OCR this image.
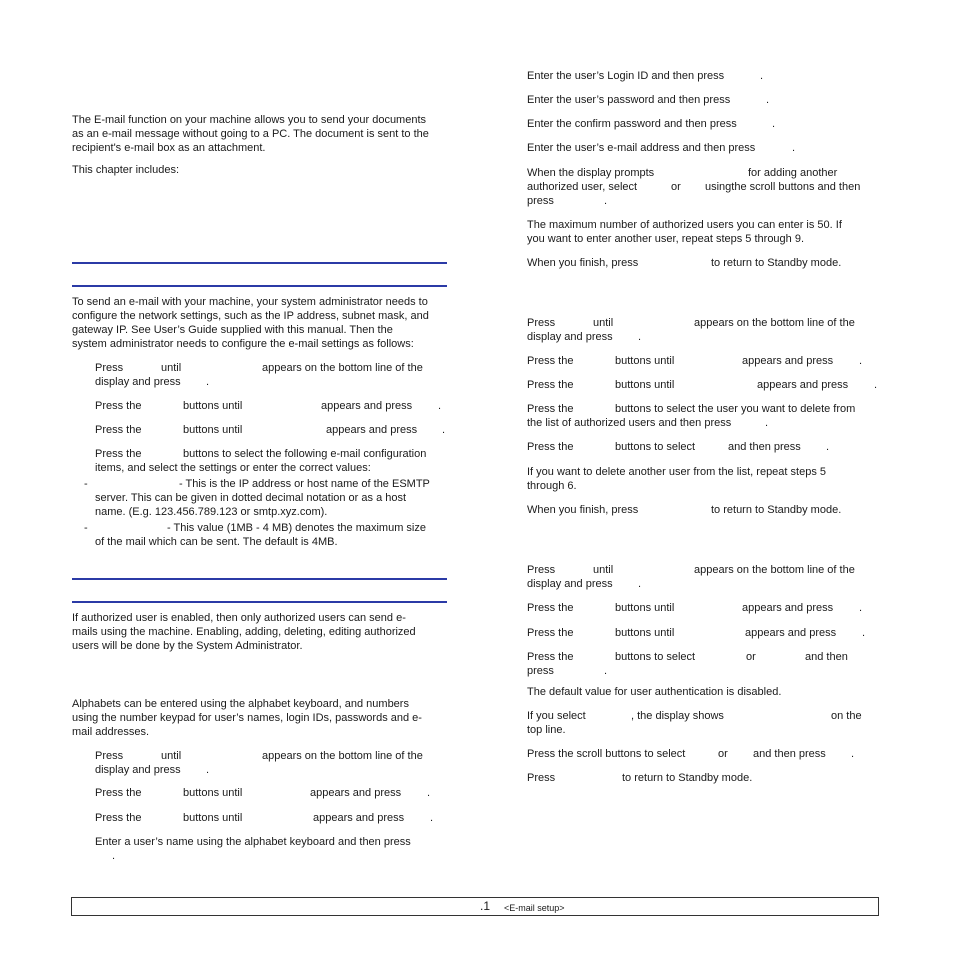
The E-mail function on your machine allows you to send your documents

as an e-mail message without going to a PC. The document is sent to the

recipient's e-mail box as an attachment.

This chapter includes:

To send an e-mail with your machine, your system administrator needs to

configure the network settings, such as the IP address, subnet mask, and

gateway IP. See User’s Guide supplied with this manual. Then the

system administrator needs to configure the e-mail settings as follows:

Press	until	appears on the bottom line of the

display and press .

Press the	buttons until	appears and press .

Press the	buttons until	appears and press .

Press the	buttons to select the following e-mail configuration

items, and select the settings or enter the correct values:

-	- This is the IP address or host name of the ESMTP

server. This can be given in dotted decimal notation or as a host

name. (E.g. 123.456.789.123 or smtp.xyz.com).

-	- This value (1MB - 4 MB) denotes the maximum size

of the mail which can be sent. The default is 4MB.

If authorized user is enabled, then only authorized users can send e-

mails using the machine. Enabling, adding, deleting, editing authorized

users will be done by the System Administrator.

Alphabets can be entered using the alphabet keyboard, and numbers

using the number keypad for user’s names, login IDs, passwords and e-

mail addresses.

Press	until	appears on the bottom line of the

display and press .

Press the	buttons until	appears and press .

Press the	buttons until	appears and press .

Enter a user’s name using the alphabet keyboard and then press

.

Enter the user’s Login ID and then press	.

Enter the user’s password and then press	.

Enter the confirm password and then press	.

Enter the user’s e-mail address and then press	.

When the display prompts	for adding another

authorized user, select	or usingthe scroll buttons and then

press	.

The maximum number of authorized users you can enter is 50. If

you want to enter another user, repeat steps 5 through 9.

When you finish, press	to return to Standby mode.

Press	until	appears on the bottom line of the

display and press .

Press the	buttons until	appears and press .

Press the	buttons until	appears and press .

Press the	buttons to select the user you want to delete from

the list of authorized users and then press	.

Press the	buttons to select	and then press .

If you want to delete another user from the list, repeat steps 5

through 6.

When you finish, press	to return to Standby mode.

Press	until	appears on the bottom line of the

display and press .

Press the	buttons until	appears and press .

Press the	buttons until	appears and press .

Press the	buttons to select	or	and then

press	.

The default value for user authentication is disabled.

If you select	, the display shows	on the

top line.

Press the scroll buttons to select	or and then press .

Press	to return to Standby mode.

.1 <E-mail setup>
